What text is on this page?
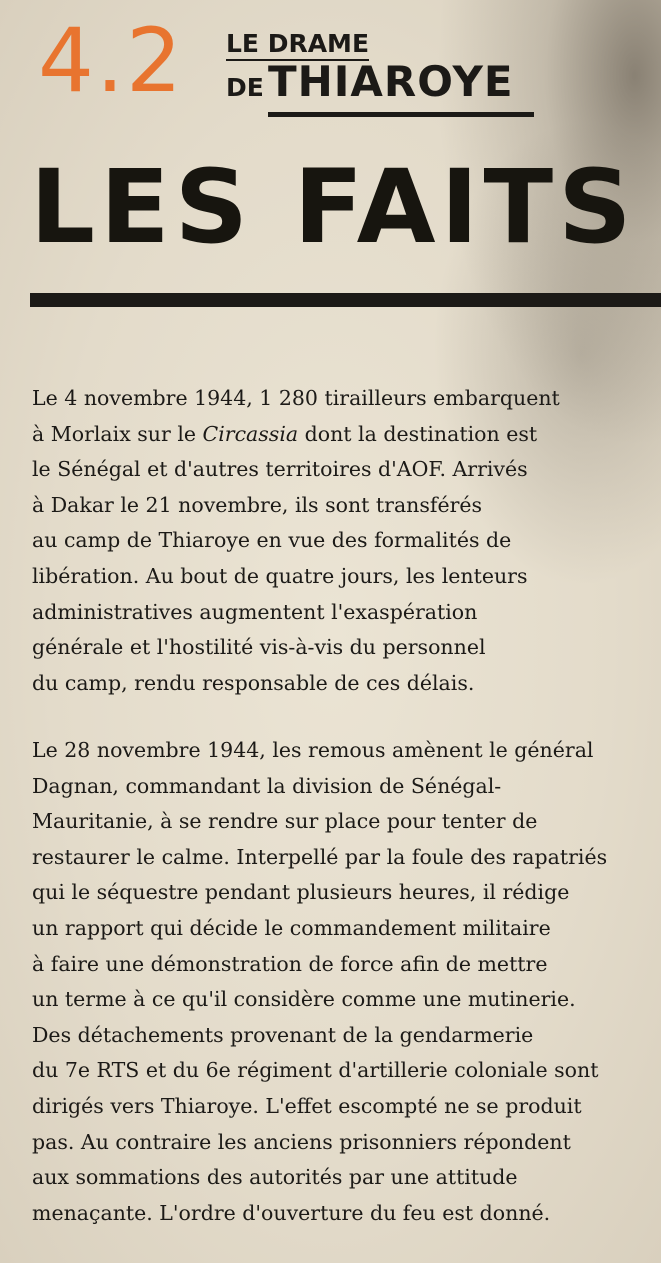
4.2 LE DRAME
DE THIAROYE
LES FAITS
Le 4 novembre 1944, 1 280 tirailleurs embarquent
à Morlaix sur le Circassia dont la destination est
le Sénégal et d'autres territoires d'AOF. Arrivés
à Dakar le 21 novembre, ils sont transférés
au camp de Thiaroye en vue des formalités de
libération. Au bout de quatre jours, les lenteurs
administratives augmentent l'exaspération
générale et l'hostilité vis-à-vis du personnel
du camp, rendu responsable de ces délais.
Le 28 novembre 1944, les remous amènent le général
Dagnan, commandant la division de Sénégal-
Mauritanie, à se rendre sur place pour tenter de
restaurer le calme. Interpellé par la foule des rapatriés
qui le séquestre pendant plusieurs heures, il rédige
un rapport qui décide le commandement militaire
à faire une démonstration de force afin de mettre
un terme à ce qu'il considère comme une mutinerie.
Des détachements provenant de la gendarmerie
du 7e RTS et du 6e régiment d'artillerie coloniale sont
dirigés vers Thiaroye. L'effet escompté ne se produit
pas. Au contraire les anciens prisonniers répondent
aux sommations des autorités par une attitude
menaçante. L'ordre d'ouverture du feu est donné.
